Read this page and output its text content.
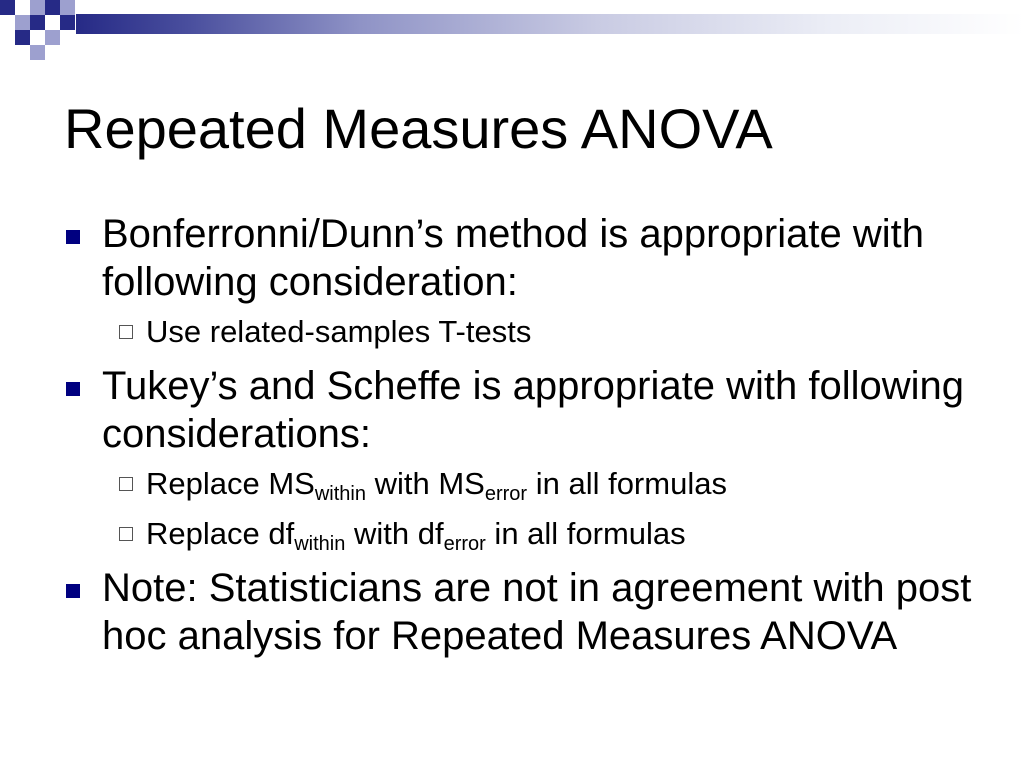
Repeated Measures ANOVA
Bonferronni/Dunn’s method is appropriate with following consideration:
Use related-samples T-tests
Tukey’s and Scheffe is appropriate with following considerations:
Replace $MS_{within}$ with $MS_{error}$ in all formulas
Replace $df_{within}$ with $df_{error}$ in all formulas
Note: Statisticians are not in agreement with post hoc analysis for Repeated Measures ANOVA
